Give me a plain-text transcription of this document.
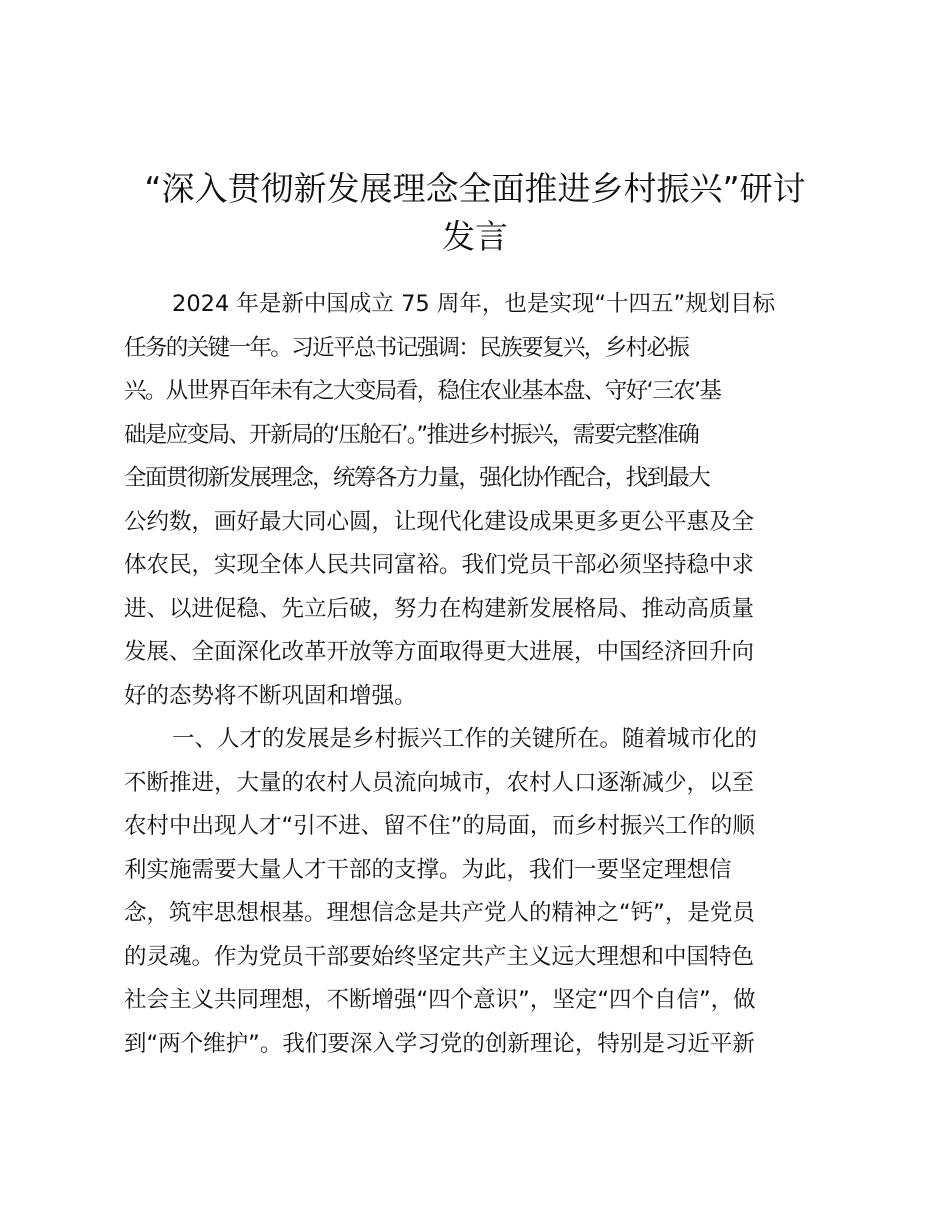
“深入贯彻新发展理念全面推进乡村振兴”研讨
发言
2024 年是新中国成立 75 周年，也是实现“十四五”规划目标
任务的关键一年。习近平总书记强调：民族要复兴，乡村必振
兴。从世界百年未有之大变局看，稳住农业基本盘、守好‘三农’基
础是应变局、开新局的‘压舱石’。”推进乡村振兴，需要完整准确
全面贯彻新发展理念，统筹各方力量，强化协作配合，找到最大
公约数，画好最大同心圆，让现代化建设成果更多更公平惠及全
体农民，实现全体人民共同富裕。我们党员干部必须坚持稳中求
进、以进促稳、先立后破，努力在构建新发展格局、推动高质量
发展、全面深化改革开放等方面取得更大进展，中国经济回升向
好的态势将不断巩固和增强。
一、人才的发展是乡村振兴工作的关键所在。随着城市化的
不断推进，大量的农村人员流向城市，农村人口逐渐减少，以至
农村中出现人才“引不进、留不住”的局面，而乡村振兴工作的顺
利实施需要大量人才干部的支撑。为此，我们一要坚定理想信
念，筑牢思想根基。理想信念是共产党人的精神之“钙”，是党员
的灵魂。作为党员干部要始终坚定共产主义远大理想和中国特色
社会主义共同理想，不断增强“四个意识”，坚定“四个自信”，做
到“两个维护”。我们要深入学习党的创新理论，特别是习近平新
